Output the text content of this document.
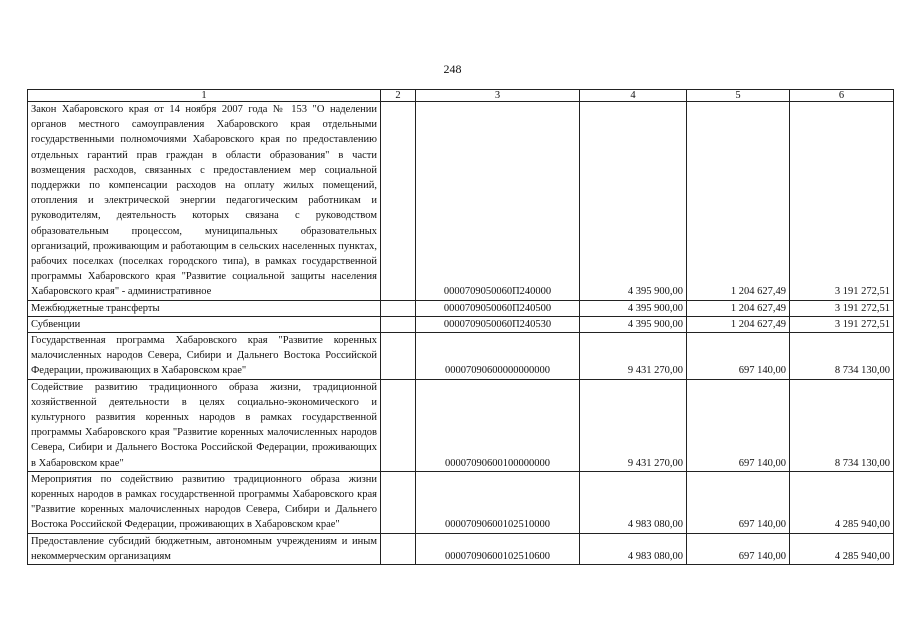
248
1	2	3	4	5	6
Закон Хабаровского края от 14 ноября 2007 года № 153 "О наделении органов местного самоуправления Хабаровского края отдельными государственными полномочиями Хабаровского края по предоставлению отдельных гарантий прав граждан в области образования" в части возмещения расходов, связанных с предоставлением мер социальной поддержки по компенсации расходов на оплату жилых помещений, отопления и электрической энергии педагогическим работникам и руководителям, деятельность которых связана с руководством образовательным процессом, муниципальных образовательных организаций, проживающим и работающим в сельских населенных пунктах, рабочих поселках (поселках городского типа), в рамках государственной программы Хабаровского края "Развитие социальной защиты населения Хабаровского края" - административное		0000709050060П240000	4 395 900,00	1 204 627,49	3 191 272,51
Межбюджетные трансферты		0000709050060П240500	4 395 900,00	1 204 627,49	3 191 272,51
Субвенции		0000709050060П240530	4 395 900,00	1 204 627,49	3 191 272,51
Государственная программа Хабаровского края "Развитие коренных малочисленных народов Севера, Сибири и Дальнего Востока Российской Федерации, проживающих в Хабаровском крае"		00007090600000000000	9 431 270,00	697 140,00	8 734 130,00
Содействие развитию традиционного образа жизни, традиционной хозяйственной деятельности в целях социально-экономического и культурного развития коренных народов в рамках государственной программы Хабаровского края "Развитие коренных малочисленных народов Севера, Сибири и Дальнего Востока Российской Федерации, проживающих в Хабаровском крае"		00007090600100000000	9 431 270,00	697 140,00	8 734 130,00
Мероприятия по содействию развитию традиционного образа жизни коренных народов в рамках государственной программы Хабаровского края "Развитие коренных малочисленных народов Севера, Сибири и Дальнего Востока Российской Федерации, проживающих в Хабаровском крае"		00007090600102510000	4 983 080,00	697 140,00	4 285 940,00
Предоставление субсидий бюджетным, автономным учреждениям и иным некоммерческим организациям		00007090600102510600	4 983 080,00	697 140,00	4 285 940,00
